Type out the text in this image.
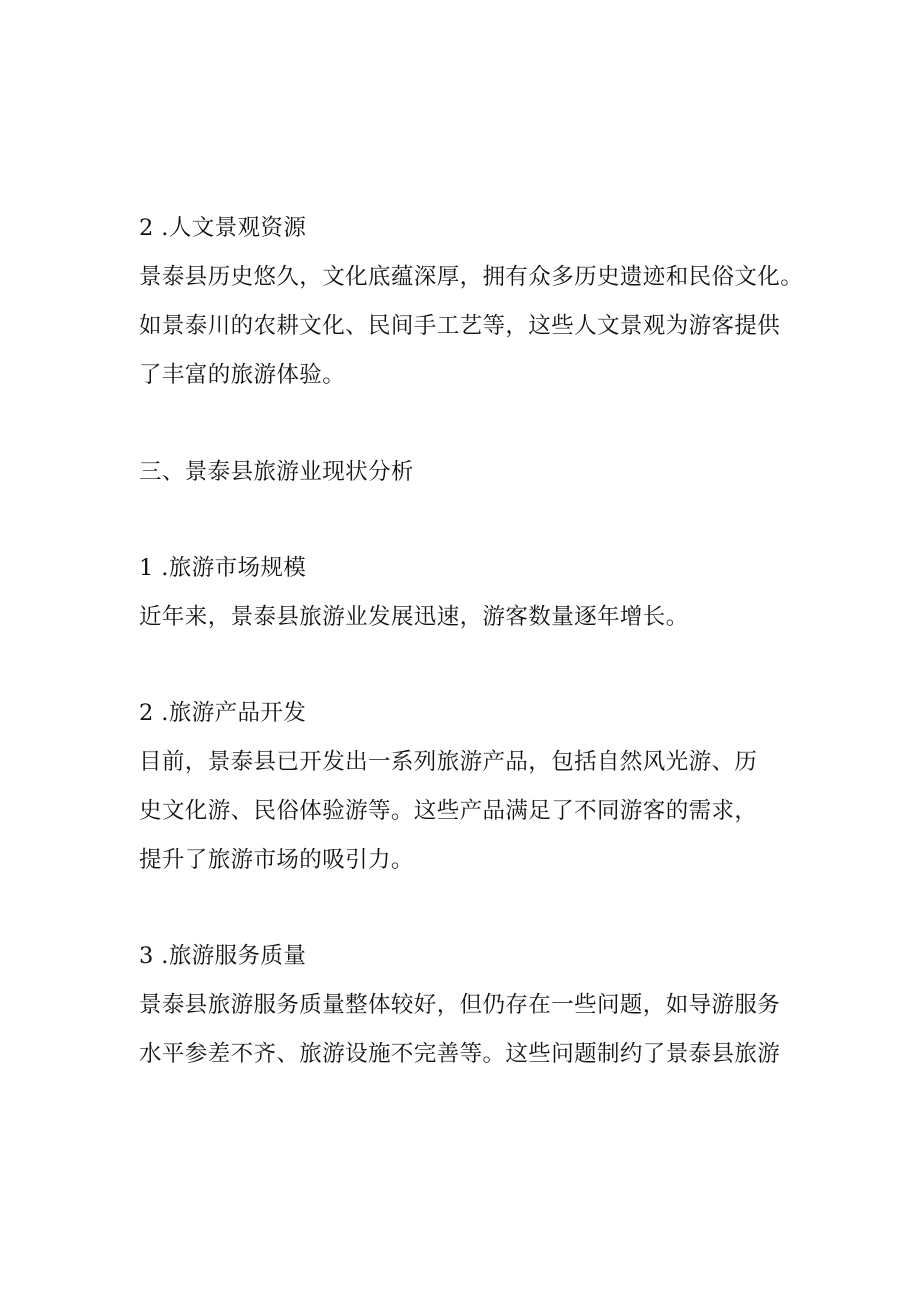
2 .人文景观资源
景泰县历史悠久，文化底蕴深厚，拥有众多历史遗迹和民俗文化。
如景泰川的农耕文化、民间手工艺等，这些人文景观为游客提供
了丰富的旅游体验。
三、景泰县旅游业现状分析
1 .旅游市场规模
近年来，景泰县旅游业发展迅速，游客数量逐年增长。
2 .旅游产品开发
目前，景泰县已开发出一系列旅游产品，包括自然风光游、历
史文化游、民俗体验游等。这些产品满足了不同游客的需求，
提升了旅游市场的吸引力。
3 .旅游服务质量
景泰县旅游服务质量整体较好，但仍存在一些问题，如导游服务
水平参差不齐、旅游设施不完善等。这些问题制约了景泰县旅游
